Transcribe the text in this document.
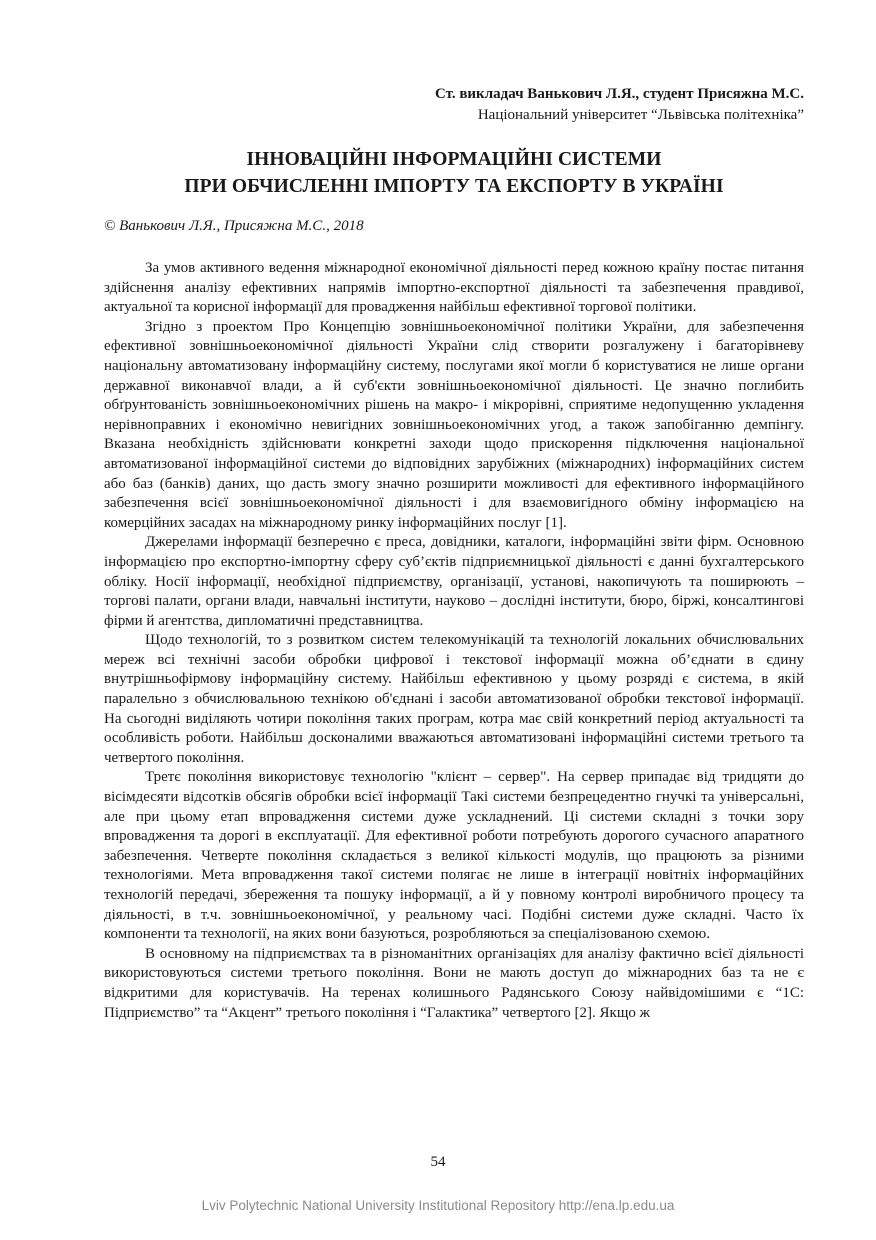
Ст. викладач Ванькович Л.Я., студент Присяжна М.С.
Національний університет “Львівська політехніка”
ІННОВАЦІЙНІ ІНФОРМАЦІЙНІ СИСТЕМИ
ПРИ ОБЧИСЛЕННІ ІМПОРТУ ТА ЕКСПОРТУ В УКРАЇНІ
© Ванькович Л.Я., Присяжна М.С., 2018

За умов активного ведення міжнародної економічної діяльності перед кожною країну постає питання здійснення аналізу ефективних напрямів імпортно-експортної діяльності та забезпечення правдивої, актуальної та корисної інформації для провадження найбільш ефективної торгової політики.

Згідно з проектом Про Концепцію зовнішньоекономічної політики України, для забезпечення ефективної зовнішньоекономічної діяльності України слід створити розгалужену і багаторівневу національну автоматизовану інформаційну систему, послугами якої могли б користуватися не лише органи державної виконавчої влади, а й суб'єкти зовнішньоекономічної діяльності. Це значно поглибить обґрунтованість зовнішньоекономічних рішень на макро- і мікрорівні, сприятиме недопущенню укладення нерівноправних і економічно невигідних зовнішньоекономічних угод, а також запобіганню демпінгу. Вказана необхідність здійснювати конкретні заходи щодо прискорення підключення національної автоматизованої інформаційної системи до відповідних зарубіжних (міжнародних) інформаційних систем або баз (банків) даних, що дасть змогу значно розширити можливості для ефективного інформаційного забезпечення всієї зовнішньоекономічної діяльності і для взаємовигідного обміну інформацією на комерційних засадах на міжнародному ринку інформаційних послуг [1].

Джерелами інформації безперечно є преса, довідники, каталоги, інформаційні звіти фірм. Основною інформацією про експортно-імпортну сферу суб’єктів підприємницької діяльності є данні бухгалтерського обліку. Носії інформації, необхідної підприємству, організації, установі, накопичують та поширюють – торгові палати, органи влади, навчальні інститути, науково – дослідні інститути, бюро, біржі, консалтингові фірми й агентства, дипломатичні представництва.

Щодо технологій, то з розвитком систем телекомунікацій та технологій локальних обчислювальних мереж всі технічні засоби обробки цифрової і текстової інформації можна об’єднати в єдину внутрішньофірмову інформаційну систему. Найбільш ефективною у цьому розряді є система, в якій паралельно з обчислювальною технікою об'єднані і засоби автоматизованої обробки текстової інформації. На сьогодні виділяють чотири покоління таких програм, котра має свій конкретний період актуальності та особливість роботи. Найбільш досконалими вважаються автоматизовані інформаційні системи третього та четвертого покоління.

Третє покоління використовує технологію "клієнт – сервер". На сервер припадає від тридцяти до вісімдесяти відсотків обсягів обробки всієї інформації Такі системи безпрецедентно гнучкі та універсальні, але при цьому етап впровадження системи дуже ускладнений. Ці системи складні з точки зору впровадження та дорогі в експлуатації. Для ефективної роботи потребують дорогого сучасного апаратного забезпечення. Четверте покоління складається з великої кількості модулів, що працюють за різними технологіями. Мета впровадження такої системи полягає не лише в інтеграції новітніх інформаційних технологій передачі, збереження та пошуку інформації, а й у повному контролі виробничого процесу та діяльності, в т.ч. зовнішньоекономічної, у реальному часі. Подібні системи дуже складні. Часто їх компоненти та технології, на яких вони базуються, розробляються за спеціалізованою схемою.

В основному на підприємствах та в різноманітних організаціях для аналізу фактично всієї діяльності використовуються системи третього покоління. Вони не мають доступ до міжнародних баз та не є відкритими для користувачів. На теренах колишнього Радянського Союзу найвідомішими є “1С: Підприємство” та “Акцент” третього покоління і “Галактика” четвертого [2]. Якщо ж

54
Lviv Polytechnic National University Institutional Repository http://ena.lp.edu.ua
